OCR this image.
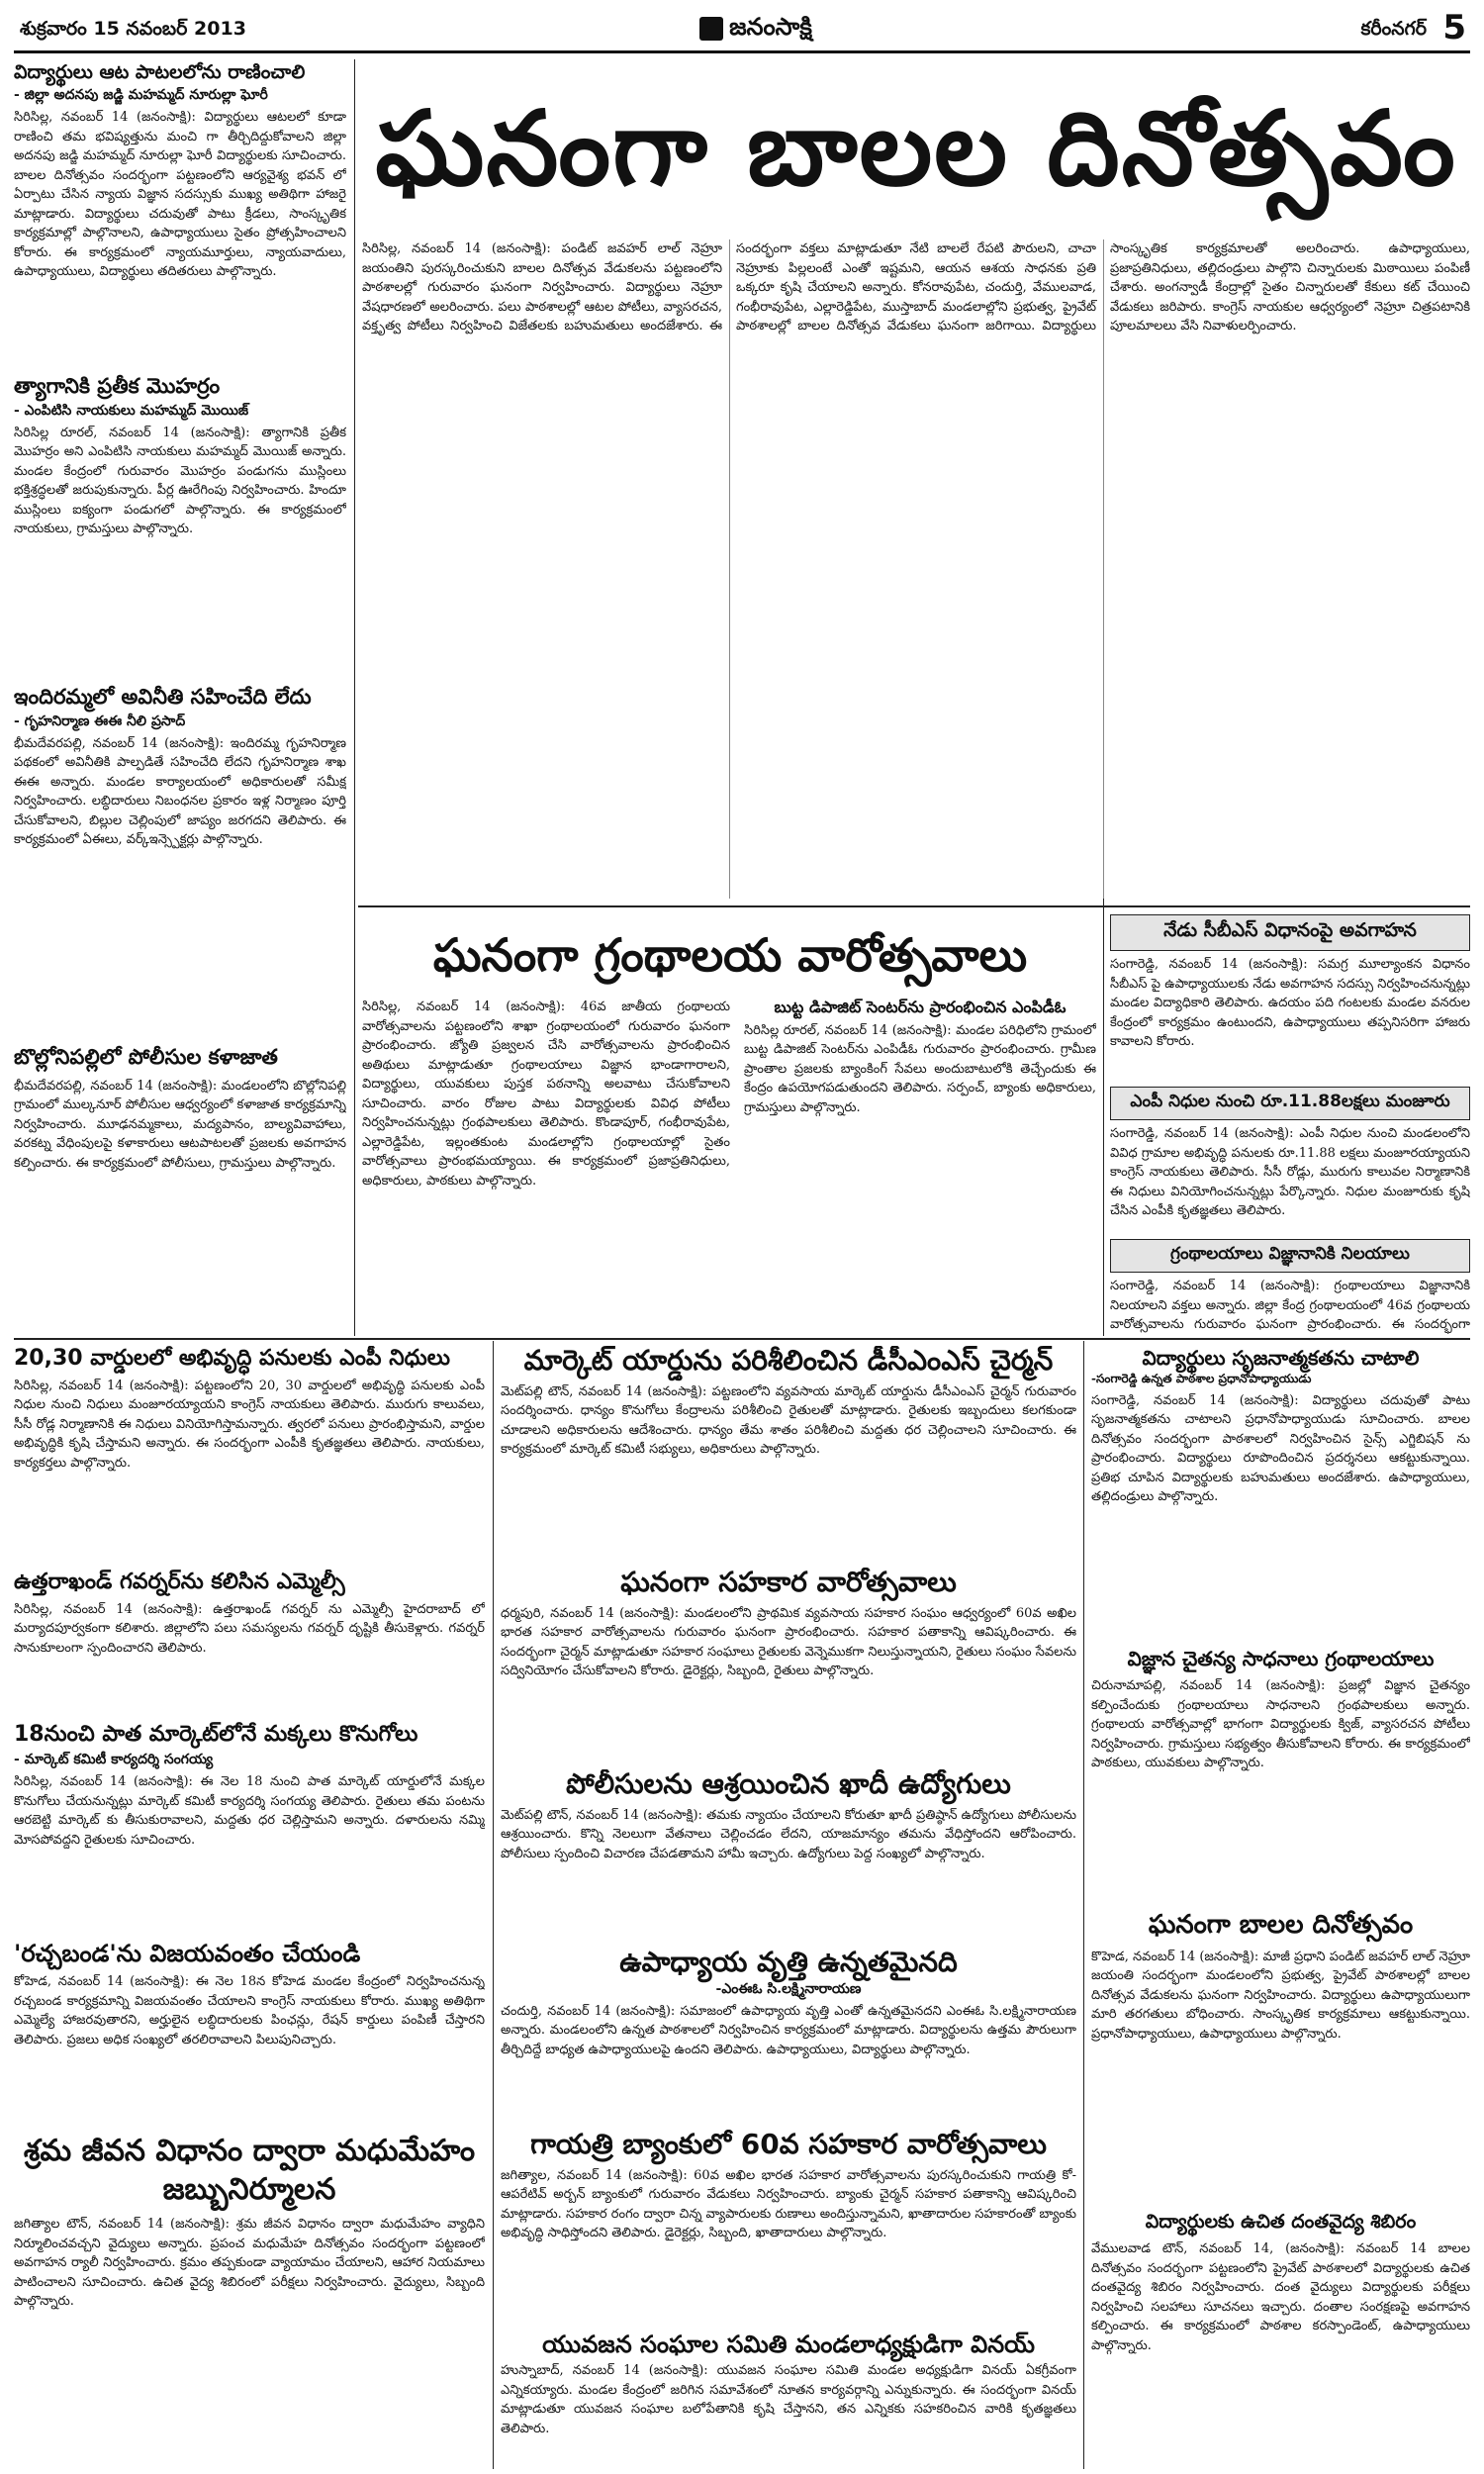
శుక్రవారం 15 నవంబర్ 2013	జనంసాక్షి	కరీంనగర్ 5
విద్యార్థులు ఆట పాటలలోను రాణించాలి
- జిల్లా అదనపు జడ్జి మహమ్మద్ నూరుల్లా ఘోరీ
సిరిసిల్ల, నవంబర్ 14 (జనంసాక్షి): విద్యార్థులు ఆటలలో కూడా రాణించి తమ భవిష్యత్తును మంచి గా తీర్చిదిద్దుకోవాలని జిల్లా అదనపు జడ్జి మహమ్మద్ నూరుల్లా ఘోరీ విద్యార్థులకు సూచించారు. బాలల దినోత్సవం సందర్భంగా పట్టణంలోని ఆర్యవైశ్య భవన్ లో ఏర్పాటు చేసిన న్యాయ విజ్ఞాన సదస్సుకు ముఖ్య అతిథిగా హాజరై మాట్లాడారు. విద్యార్థులు చదువుతో పాటు క్రీడలు, సాంస్కృతిక కార్యక్రమాల్లో పాల్గొనాలని, ఉపాధ్యాయులు సైతం ప్రోత్సహించాలని కోరారు. ఈ కార్యక్రమంలో న్యాయమూర్తులు, న్యాయవాదులు, ఉపాధ్యాయులు, విద్యార్థులు తదితరులు పాల్గొన్నారు.
త్యాగానికి ప్రతీక మొహర్రం
- ఎంపిటిసి నాయకులు మహమ్మద్ మొయిజ్
సిరిసిల్ల రూరల్, నవంబర్ 14 (జనంసాక్షి): త్యాగానికి ప్రతీక మొహర్రం అని ఎంపిటిసి నాయకులు మహమ్మద్ మొయిజ్ అన్నారు. మండల కేంద్రంలో గురువారం మొహర్రం పండుగను ముస్లింలు భక్తిశ్రద్ధలతో జరుపుకున్నారు. పీర్ల ఊరేగింపు నిర్వహించారు. హిందూ ముస్లింలు ఐక్యంగా పండుగలో పాల్గొన్నారు. ఈ కార్యక్రమంలో నాయకులు, గ్రామస్తులు పాల్గొన్నారు.
ఇందిరమ్మలో అవినీతి సహించేది లేదు
- గృహనిర్మాణ ఈఈ నీలి ప్రసాద్
భీమదేవరపల్లి, నవంబర్ 14 (జనంసాక్షి): ఇందిరమ్మ గృహనిర్మాణ పథకంలో అవినీతికి పాల్పడితే సహించేది లేదని గృహనిర్మాణ శాఖ ఈఈ అన్నారు. మండల కార్యాలయంలో అధికారులతో సమీక్ష నిర్వహించారు. లబ్ధిదారులు నిబంధనల ప్రకారం ఇళ్ల నిర్మాణం పూర్తి చేసుకోవాలని, బిల్లుల చెల్లింపులో జాప్యం జరగదని తెలిపారు. ఈ కార్యక్రమంలో ఏఈలు, వర్క్ఇన్స్పెక్టర్లు పాల్గొన్నారు.
బొల్లోనిపల్లిలో పోలీసుల కళాజాత
భీమదేవరపల్లి, నవంబర్ 14 (జనంసాక్షి): మండలంలోని బొల్లోనిపల్లి గ్రామంలో ముల్కనూర్ పోలీసుల ఆధ్వర్యంలో కళాజాత కార్యక్రమాన్ని నిర్వహించారు. మూఢనమ్మకాలు, మద్యపానం, బాల్యవివాహాలు, వరకట్న వేధింపులపై కళాకారులు ఆటపాటలతో ప్రజలకు అవగాహన కల్పించారు. ఈ కార్యక్రమంలో పోలీసులు, గ్రామస్తులు పాల్గొన్నారు.
ఘనంగా బాలల దినోత్సవం
సిరిసిల్ల, నవంబర్ 14 (జనంసాక్షి): పండిట్ జవహర్ లాల్ నెహ్రూ జయంతిని పురస్కరించుకుని బాలల దినోత్సవ వేడుకలను పట్టణంలోని పాఠశాలల్లో గురువారం ఘనంగా నిర్వహించారు. విద్యార్థులు నెహ్రూ వేషధారణలో అలరించారు. పలు పాఠశాలల్లో ఆటల పోటీలు, వ్యాసరచన, వక్తృత్వ పోటీలు నిర్వహించి విజేతలకు బహుమతులు అందజేశారు. ఈ సందర్భంగా వక్తలు మాట్లాడుతూ నేటి బాలలే రేపటి పౌరులని, చాచా నెహ్రూకు పిల్లలంటే ఎంతో ఇష్టమని, ఆయన ఆశయ సాధనకు ప్రతి ఒక్కరూ కృషి చేయాలని అన్నారు. కోనరావుపేట, చందుర్తి, వేములవాడ, గంభీరావుపేట, ఎల్లారెడ్డిపేట, ముస్తాబాద్ మండలాల్లోని ప్రభుత్వ, ప్రైవేట్ పాఠశాలల్లో బాలల దినోత్సవ వేడుకలు ఘనంగా జరిగాయి. విద్యార్థులు సాంస్కృతిక కార్యక్రమాలతో అలరించారు. ఉపాధ్యాయులు, ప్రజాప్రతినిధులు, తల్లిదండ్రులు పాల్గొని చిన్నారులకు మిఠాయిలు పంపిణీ చేశారు. అంగన్వాడీ కేంద్రాల్లో సైతం చిన్నారులతో కేకులు కట్ చేయించి వేడుకలు జరిపారు. కాంగ్రెస్ నాయకుల ఆధ్వర్యంలో నెహ్రూ చిత్రపటానికి పూలమాలలు వేసి నివాళులర్పించారు.
ఘనంగా గ్రంథాలయ వారోత్సవాలు
సిరిసిల్ల, నవంబర్ 14 (జనంసాక్షి): 46వ జాతీయ గ్రంథాలయ వారోత్సవాలను పట్టణంలోని శాఖా గ్రంథాలయంలో గురువారం ఘనంగా ప్రారంభించారు. జ్యోతి ప్రజ్వలన చేసి వారోత్సవాలను ప్రారంభించిన అతిథులు మాట్లాడుతూ గ్రంథాలయాలు విజ్ఞాన భాండాగారాలని, విద్యార్థులు, యువకులు పుస్తక పఠనాన్ని అలవాటు చేసుకోవాలని సూచించారు. వారం రోజుల పాటు విద్యార్థులకు వివిధ పోటీలు నిర్వహించనున్నట్లు గ్రంథపాలకులు తెలిపారు. కొండాపూర్, గంభీరావుపేట, ఎల్లారెడ్డిపేట, ఇల్లంతకుంట మండలాల్లోని గ్రంథాలయాల్లో సైతం వారోత్సవాలు ప్రారంభమయ్యాయి. ఈ కార్యక్రమంలో ప్రజాప్రతినిధులు, అధికారులు, పాఠకులు పాల్గొన్నారు.
బుట్ట డిపాజిట్ సెంటర్‌ను ప్రారంభించిన ఎంపిడీఓ
సిరిసిల్ల రూరల్, నవంబర్ 14 (జనంసాక్షి): మండల పరిధిలోని గ్రామంలో బుట్ట డిపాజిట్ సెంటర్‌ను ఎంపిడీఓ గురువారం ప్రారంభించారు. గ్రామీణ ప్రాంతాల ప్రజలకు బ్యాంకింగ్ సేవలు అందుబాటులోకి తెచ్చేందుకు ఈ కేంద్రం ఉపయోగపడుతుందని తెలిపారు. సర్పంచ్, బ్యాంకు అధికారులు, గ్రామస్తులు పాల్గొన్నారు.
నేడు సీబీఎస్ విధానంపై అవగాహన
సంగారెడ్డి, నవంబర్ 14 (జనంసాక్షి): సమగ్ర మూల్యాంకన విధానం సీబీఎస్ పై ఉపాధ్యాయులకు నేడు అవగాహన సదస్సు నిర్వహించనున్నట్లు మండల విద్యాధికారి తెలిపారు. ఉదయం పది గంటలకు మండల వనరుల కేంద్రంలో కార్యక్రమం ఉంటుందని, ఉపాధ్యాయులు తప్పనిసరిగా హాజరు కావాలని కోరారు.
ఎంపీ నిధుల నుంచి రూ.11.88లక్షలు మంజూరు
సంగారెడ్డి, నవంబర్ 14 (జనంసాక్షి): ఎంపీ నిధుల నుంచి మండలంలోని వివిధ గ్రామాల అభివృద్ధి పనులకు రూ.11.88 లక్షలు మంజూరయ్యాయని కాంగ్రెస్ నాయకులు తెలిపారు. సీసీ రోడ్లు, మురుగు కాలువల నిర్మాణానికి ఈ నిధులు వినియోగించనున్నట్లు పేర్కొన్నారు. నిధుల మంజూరుకు కృషి చేసిన ఎంపీకి కృతజ్ఞతలు తెలిపారు.
గ్రంథాలయాలు విజ్ఞానానికి నిలయాలు
సంగారెడ్డి, నవంబర్ 14 (జనంసాక్షి): గ్రంథాలయాలు విజ్ఞానానికి నిలయాలని వక్తలు అన్నారు. జిల్లా కేంద్ర గ్రంథాలయంలో 46వ గ్రంథాలయ వారోత్సవాలను గురువారం ఘనంగా ప్రారంభించారు. ఈ సందర్భంగా
20,30 వార్డులలో అభివృద్ధి పనులకు ఎంపీ నిధులు
సిరిసిల్ల, నవంబర్ 14 (జనంసాక్షి): పట్టణంలోని 20, 30 వార్డులలో అభివృద్ధి పనులకు ఎంపీ నిధుల నుంచి నిధులు మంజూరయ్యాయని కాంగ్రెస్ నాయకులు తెలిపారు. మురుగు కాలువలు, సీసీ రోడ్ల నిర్మాణానికి ఈ నిధులు వినియోగిస్తామన్నారు. త్వరలో పనులు ప్రారంభిస్తామని, వార్డుల అభివృద్ధికి కృషి చేస్తామని అన్నారు. ఈ సందర్భంగా ఎంపీకి కృతజ్ఞతలు తెలిపారు. నాయకులు, కార్యకర్తలు పాల్గొన్నారు.
ఉత్తరాఖండ్ గవర్నర్‌ను కలిసిన ఎమ్మెల్సీ
సిరిసిల్ల, నవంబర్ 14 (జనంసాక్షి): ఉత్తరాఖండ్ గవర్నర్ ను ఎమ్మెల్సీ హైదరాబాద్ లో మర్యాదపూర్వకంగా కలిశారు. జిల్లాలోని పలు సమస్యలను గవర్నర్ దృష్టికి తీసుకెళ్లారు. గవర్నర్ సానుకూలంగా స్పందించారని తెలిపారు.
18నుంచి పాత మార్కెట్‌లోనే మక్కలు కొనుగోలు
- మార్కెట్ కమిటీ కార్యదర్శి సంగయ్య
సిరిసిల్ల, నవంబర్ 14 (జనంసాక్షి): ఈ నెల 18 నుంచి పాత మార్కెట్ యార్డులోనే మక్కల కొనుగోలు చేయనున్నట్లు మార్కెట్ కమిటీ కార్యదర్శి సంగయ్య తెలిపారు. రైతులు తమ పంటను ఆరబెట్టి మార్కెట్ కు తీసుకురావాలని, మద్దతు ధర చెల్లిస్తామని అన్నారు. దళారులను నమ్మి మోసపోవద్దని రైతులకు సూచించారు.
'రచ్చబండ'ను విజయవంతం చేయండి
కోహెడ, నవంబర్ 14 (జనంసాక్షి): ఈ నెల 18న కోహెడ మండల కేంద్రంలో నిర్వహించనున్న రచ్చబండ కార్యక్రమాన్ని విజయవంతం చేయాలని కాంగ్రెస్ నాయకులు కోరారు. ముఖ్య అతిథిగా ఎమ్మెల్యే హాజరవుతారని, అర్హులైన లబ్ధిదారులకు పింఛన్లు, రేషన్ కార్డులు పంపిణీ చేస్తారని తెలిపారు. ప్రజలు అధిక సంఖ్యలో తరలిరావాలని పిలుపునిచ్చారు.
శ్రమ జీవన విధానం ద్వారా మధుమేహం జబ్బునిర్మూలన
జగిత్యాల టౌన్, నవంబర్ 14 (జనంసాక్షి): శ్రమ జీవన విధానం ద్వారా మధుమేహం వ్యాధిని నిర్మూలించవచ్చని వైద్యులు అన్నారు. ప్రపంచ మధుమేహ దినోత్సవం సందర్భంగా పట్టణంలో అవగాహన ర్యాలీ నిర్వహించారు. క్రమం తప్పకుండా వ్యాయామం చేయాలని, ఆహార నియమాలు పాటించాలని సూచించారు. ఉచిత వైద్య శిబిరంలో పరీక్షలు నిర్వహించారు. వైద్యులు, సిబ్బంది పాల్గొన్నారు.
మార్కెట్ యార్డును పరిశీలించిన డీసీఎంఎస్ చైర్మన్
మెట్‌పల్లి టౌన్, నవంబర్ 14 (జనంసాక్షి): పట్టణంలోని వ్యవసాయ మార్కెట్ యార్డును డీసీఎంఎస్ చైర్మన్ గురువారం సందర్శించారు. ధాన్యం కొనుగోలు కేంద్రాలను పరిశీలించి రైతులతో మాట్లాడారు. రైతులకు ఇబ్బందులు కలగకుండా చూడాలని అధికారులను ఆదేశించారు. ధాన్యం తేమ శాతం పరిశీలించి మద్దతు ధర చెల్లించాలని సూచించారు. ఈ కార్యక్రమంలో మార్కెట్ కమిటీ సభ్యులు, అధికారులు పాల్గొన్నారు.
ఘనంగా సహకార వారోత్సవాలు
ధర్మపురి, నవంబర్ 14 (జనంసాక్షి): మండలంలోని ప్రాథమిక వ్యవసాయ సహకార సంఘం ఆధ్వర్యంలో 60వ అఖిల భారత సహకార వారోత్సవాలను గురువారం ఘనంగా ప్రారంభించారు. సహకార పతాకాన్ని ఆవిష్కరించారు. ఈ సందర్భంగా చైర్మన్ మాట్లాడుతూ సహకార సంఘాలు రైతులకు వెన్నెముకగా నిలుస్తున్నాయని, రైతులు సంఘం సేవలను సద్వినియోగం చేసుకోవాలని కోరారు. డైరెక్టర్లు, సిబ్బంది, రైతులు పాల్గొన్నారు.
పోలీసులను ఆశ్రయించిన ఖాదీ ఉద్యోగులు
మెట్‌పల్లి టౌన్, నవంబర్ 14 (జనంసాక్షి): తమకు న్యాయం చేయాలని కోరుతూ ఖాదీ ప్రతిష్ఠాన్ ఉద్యోగులు పోలీసులను ఆశ్రయించారు. కొన్ని నెలలుగా వేతనాలు చెల్లించడం లేదని, యాజమాన్యం తమను వేధిస్తోందని ఆరోపించారు. పోలీసులు స్పందించి విచారణ చేపడతామని హామీ ఇచ్చారు. ఉద్యోగులు పెద్ద సంఖ్యలో పాల్గొన్నారు.
ఉపాధ్యాయ వృత్తి ఉన్నతమైనది
-ఎంఈఓ సి.లక్ష్మినారాయణ
చందుర్తి, నవంబర్ 14 (జనంసాక్షి): సమాజంలో ఉపాధ్యాయ వృత్తి ఎంతో ఉన్నతమైనదని ఎంఈఓ సి.లక్ష్మినారాయణ అన్నారు. మండలంలోని ఉన్నత పాఠశాలలో నిర్వహించిన కార్యక్రమంలో మాట్లాడారు. విద్యార్థులను ఉత్తమ పౌరులుగా తీర్చిదిద్దే బాధ్యత ఉపాధ్యాయులపై ఉందని తెలిపారు. ఉపాధ్యాయులు, విద్యార్థులు పాల్గొన్నారు.
గాయత్రి బ్యాంకులో 60వ సహకార వారోత్సవాలు
జగిత్యాల, నవంబర్ 14 (జనంసాక్షి): 60వ అఖిల భారత సహకార వారోత్సవాలను పురస్కరించుకుని గాయత్రి కో-ఆపరేటివ్ అర్బన్ బ్యాంకులో గురువారం వేడుకలు నిర్వహించారు. బ్యాంకు చైర్మన్ సహకార పతాకాన్ని ఆవిష్కరించి మాట్లాడారు. సహకార రంగం ద్వారా చిన్న వ్యాపారులకు రుణాలు అందిస్తున్నామని, ఖాతాదారుల సహకారంతో బ్యాంకు అభివృద్ధి సాధిస్తోందని తెలిపారు. డైరెక్టర్లు, సిబ్బంది, ఖాతాదారులు పాల్గొన్నారు.
యువజన సంఘాల సమితి మండలాధ్యక్షుడిగా వినయ్
హుస్నాబాద్, నవంబర్ 14 (జనంసాక్షి): యువజన సంఘాల సమితి మండల అధ్యక్షుడిగా వినయ్ ఏకగ్రీవంగా ఎన్నికయ్యారు. మండల కేంద్రంలో జరిగిన సమావేశంలో నూతన కార్యవర్గాన్ని ఎన్నుకున్నారు. ఈ సందర్భంగా వినయ్ మాట్లాడుతూ యువజన సంఘాల బలోపేతానికి కృషి చేస్తానని, తన ఎన్నికకు సహకరించిన వారికి కృతజ్ఞతలు తెలిపారు.
విద్యార్థులు సృజనాత్మకతను చాటాలి
-సంగారెడ్డి ఉన్నత పాఠశాల ప్రధానోపాధ్యాయుడు
సంగారెడ్డి, నవంబర్ 14 (జనంసాక్షి): విద్యార్థులు చదువుతో పాటు సృజనాత్మకతను చాటాలని ప్రధానోపాధ్యాయుడు సూచించారు. బాలల దినోత్సవం సందర్భంగా పాఠశాలలో నిర్వహించిన సైన్స్ ఎగ్జిబిషన్ ను ప్రారంభించారు. విద్యార్థులు రూపొందించిన ప్రదర్శనలు ఆకట్టుకున్నాయి. ప్రతిభ చూపిన విద్యార్థులకు బహుమతులు అందజేశారు. ఉపాధ్యాయులు, తల్లిదండ్రులు పాల్గొన్నారు.
విజ్ఞాన చైతన్య సాధనాలు గ్రంథాలయాలు
చిరునామాపల్లి, నవంబర్ 14 (జనంసాక్షి): ప్రజల్లో విజ్ఞాన చైతన్యం కల్పించేందుకు గ్రంథాలయాలు సాధనాలని గ్రంథపాలకులు అన్నారు. గ్రంథాలయ వారోత్సవాల్లో భాగంగా విద్యార్థులకు క్విజ్, వ్యాసరచన పోటీలు నిర్వహించారు. గ్రామస్తులు సభ్యత్వం తీసుకోవాలని కోరారు. ఈ కార్యక్రమంలో పాఠకులు, యువకులు పాల్గొన్నారు.
ఘనంగా బాలల దినోత్సవం
కొహెడ, నవంబర్ 14 (జనంసాక్షి): మాజీ ప్రధాని పండిట్ జవహర్ లాల్ నెహ్రూ జయంతి సందర్భంగా మండలంలోని ప్రభుత్వ, ప్రైవేట్ పాఠశాలల్లో బాలల దినోత్సవ వేడుకలను ఘనంగా నిర్వహించారు. విద్యార్థులు ఉపాధ్యాయులుగా మారి తరగతులు బోధించారు. సాంస్కృతిక కార్యక్రమాలు ఆకట్టుకున్నాయి. ప్రధానోపాధ్యాయులు, ఉపాధ్యాయులు పాల్గొన్నారు.
విద్యార్థులకు ఉచిత దంతవైద్య శిబిరం
వేములవాడ టౌన్, నవంబర్ 14, (జనంసాక్షి): నవంబర్ 14 బాలల దినోత్సవం సందర్భంగా పట్టణంలోని ప్రైవేట్ పాఠశాలలో విద్యార్థులకు ఉచిత దంతవైద్య శిబిరం నిర్వహించారు. దంత వైద్యులు విద్యార్థులకు పరీక్షలు నిర్వహించి సలహాలు సూచనలు ఇచ్చారు. దంతాల సంరక్షణపై అవగాహన కల్పించారు. ఈ కార్యక్రమంలో పాఠశాల కరస్పాండెంట్, ఉపాధ్యాయులు పాల్గొన్నారు.
